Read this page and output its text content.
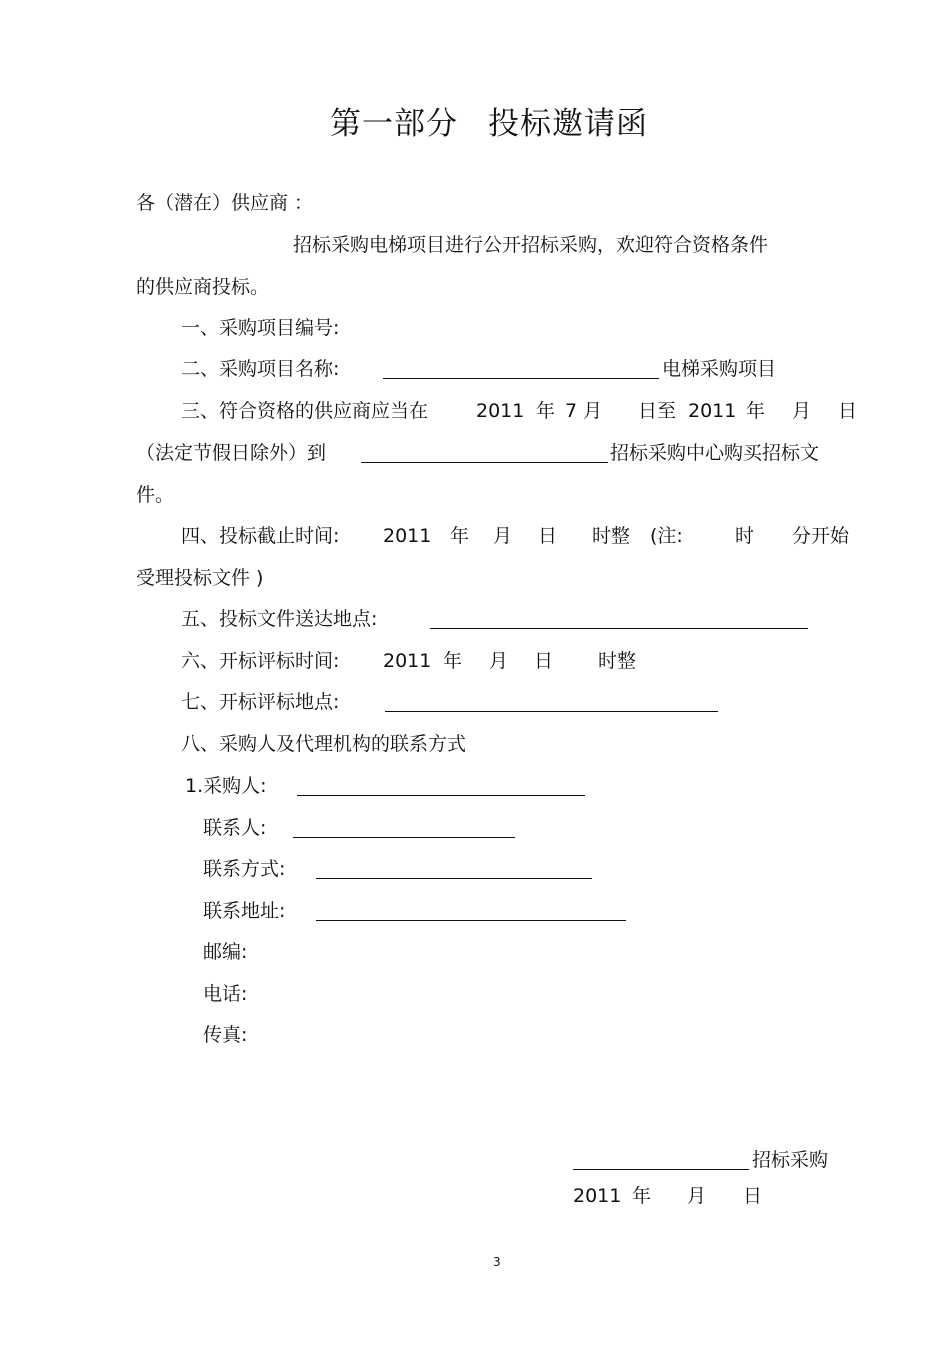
第一部分 投标邀请函
各（潜在）供应商 ：
招标采购电梯项目进行公开招标采购，欢迎符合资格条件
的供应商投标。
一、采购项目编号:
二、采购项目名称:	电梯采购项目
三、符合资格的供应商应当在	2011 年 7 月 日至 2011 年 月 日
（法定节假日除外）到	招标采购中心购买招标文
件。
四、投标截止时间: 2011 年 月 日 时整 (注:	时 分开始
受理投标文件 )
五、投标文件送达地点:
六、开标评标时间: 2011 年 月 日 时整
七、开标评标地点:
八、采购人及代理机构的联系方式
1.采购人:
联系人:
联系方式:
联系地址:
邮编:
电话:
传真:
招标采购
2011 年 月 日
3
